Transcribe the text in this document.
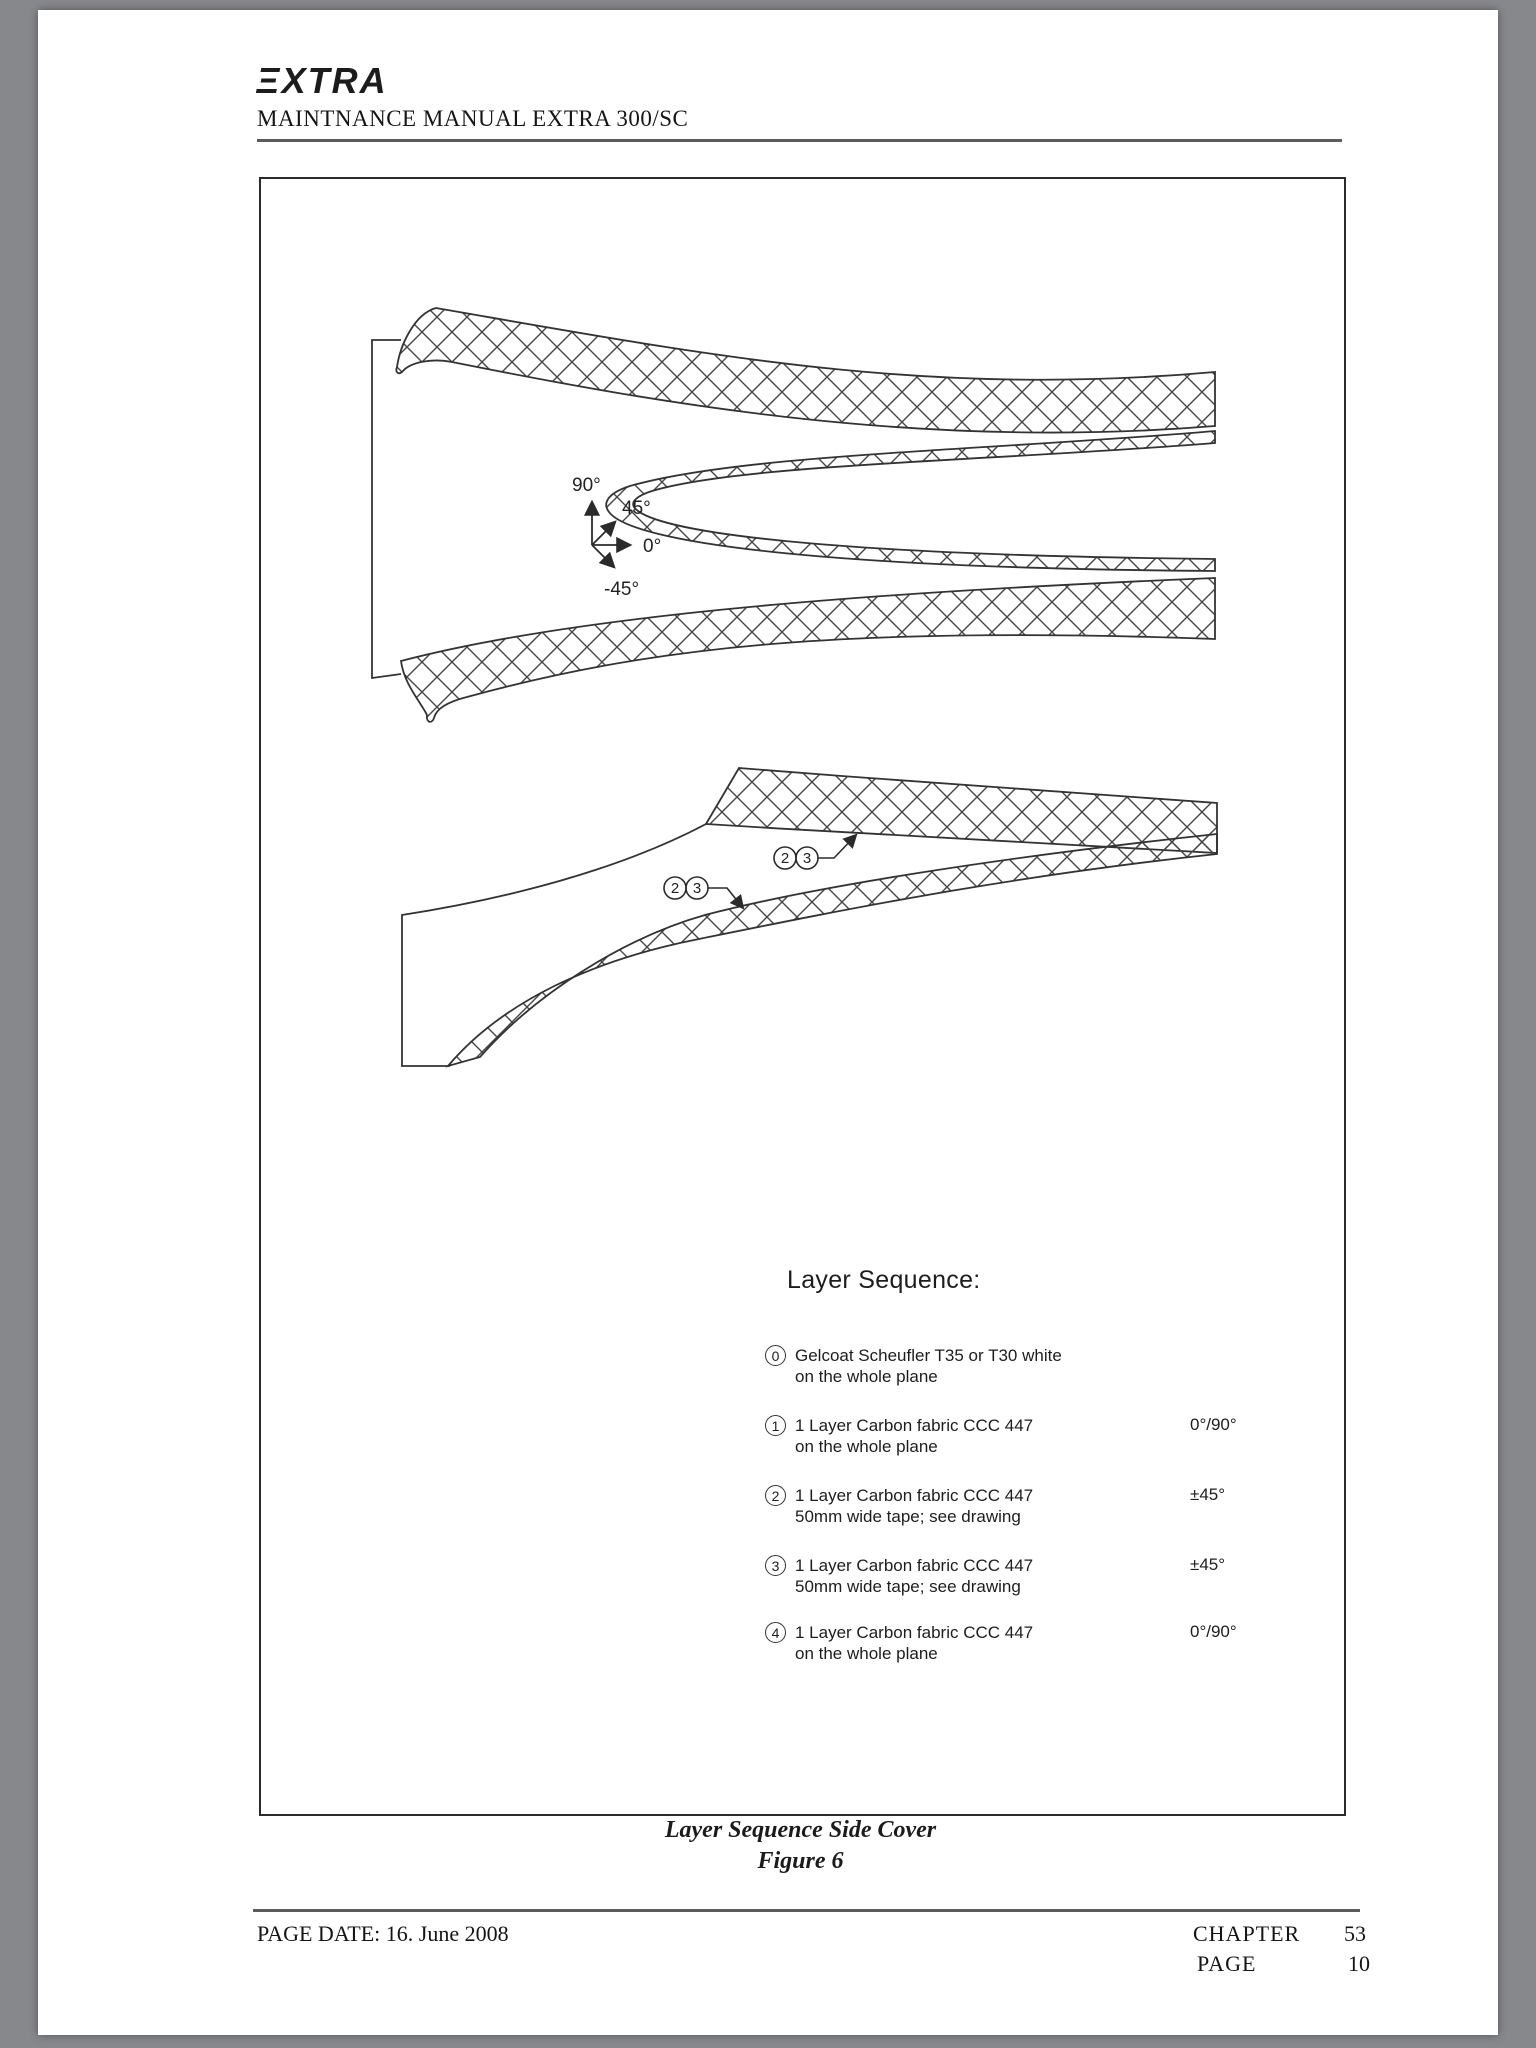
ΞXTRA
MAINTNANCE MANUAL EXTRA 300/SC
90°
45°
0°
-45°
2 3
2 3
Layer Sequence:
0 Gelcoat Scheufler T35 or T30 white
on the whole plane
1 1 Layer Carbon fabric CCC 447
on the whole plane
0°/90°
2 1 Layer Carbon fabric CCC 447
50mm wide tape; see drawing
±45°
3 1 Layer Carbon fabric CCC 447
50mm wide tape; see drawing
±45°
4 1 Layer Carbon fabric CCC 447
on the whole plane
0°/90°
Layer Sequence Side Cover
Figure 6
PAGE DATE: 16. June 2008	CHAPTER 53
PAGE	10
